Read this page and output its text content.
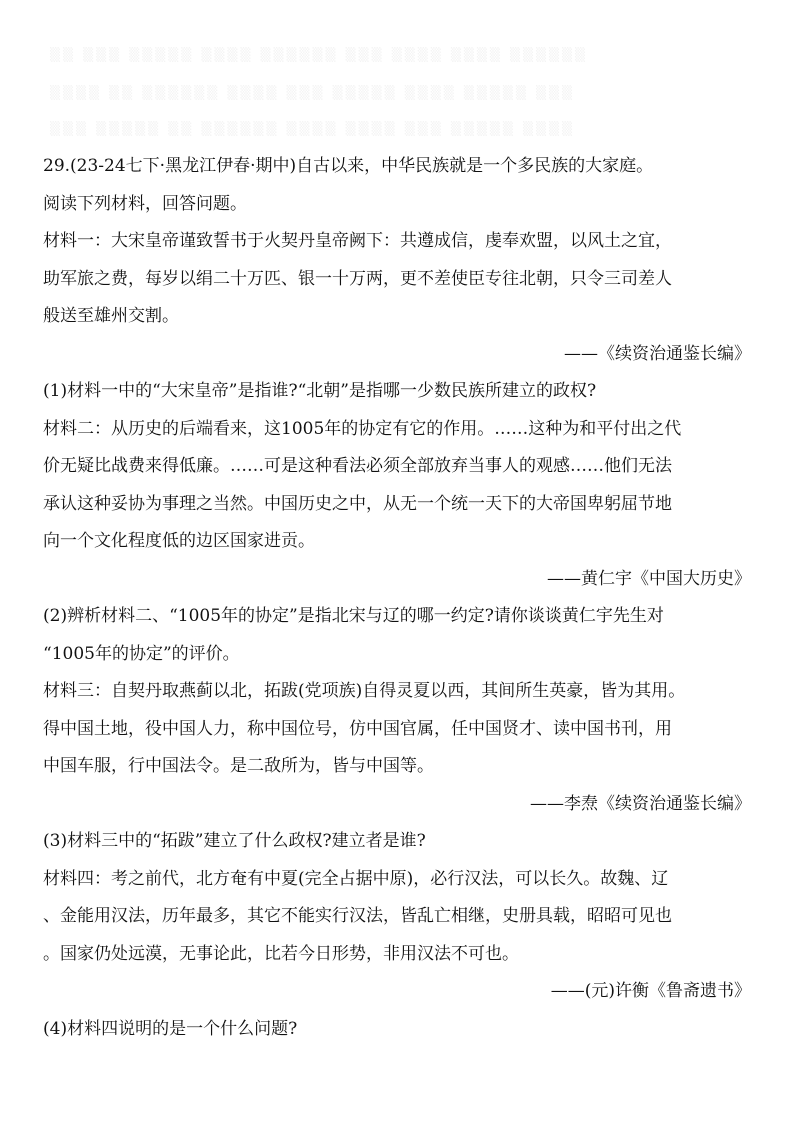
▒▒ ▒▒▒ ▒▒▒▒▒ ▒▒▒▒ ▒▒▒▒▒▒ ▒▒▒ ▒▒▒▒ ▒▒▒▒ ▒▒▒▒▒▒
▒▒▒▒ ▒▒ ▒▒▒▒▒▒ ▒▒▒▒ ▒▒▒ ▒▒▒▒▒ ▒▒▒▒ ▒▒▒▒▒ ▒▒▒
▒▒▒ ▒▒▒▒▒ ▒▒ ▒▒▒▒▒▒ ▒▒▒▒ ▒▒▒▒ ▒▒▒ ▒▒▒▒▒ ▒▒▒▒
29.(23-24七下·黑龙江伊春·期中)自古以来，中华民族就是一个多民族的大家庭。
阅读下列材料，回答问题。
材料一：大宋皇帝谨致誓书于火契丹皇帝阙下：共遵成信，虔奉欢盟，以风土之宜，
助军旅之费，每岁以绢二十万匹、银一十万两，更不差使臣专往北朝，只令三司差人
般送至雄州交割。
——《续资治通鉴长编》
(1)材料一中的“大宋皇帝”是指谁?“北朝”是指哪一少数民族所建立的政权?
材料二：从历史的后端看来，这1005年的协定有它的作用。……这种为和平付出之代
价无疑比战费来得低廉。……可是这种看法必须全部放弃当事人的观感……他们无法
承认这种妥协为事理之当然。中国历史之中，从无一个统一天下的大帝国卑躬屈节地
向一个文化程度低的边区国家进贡。
——黄仁宇《中国大历史》
(2)辨析材料二、“1005年的协定”是指北宋与辽的哪一约定?请你谈谈黄仁宇先生对
“1005年的协定”的评价。
材料三：自契丹取燕蓟以北，拓跋(党项族)自得灵夏以西，其间所生英豪，皆为其用。
得中国土地，役中国人力，称中国位号，仿中国官属，任中国贤才、读中国书刊，用
中国车服，行中国法令。是二敌所为，皆与中国等。
——李焘《续资治通鉴长编》
(3)材料三中的“拓跋”建立了什么政权?建立者是谁?
材料四：考之前代，北方奄有中夏(完全占据中原)，必行汉法，可以长久。故魏、辽
、金能用汉法，历年最多，其它不能实行汉法，皆乱亡相继，史册具载，昭昭可见也
。国家仍处远漠，无事论此，比若今日形势，非用汉法不可也。
——(元)许衡《鲁斋遗书》
(4)材料四说明的是一个什么问题?
